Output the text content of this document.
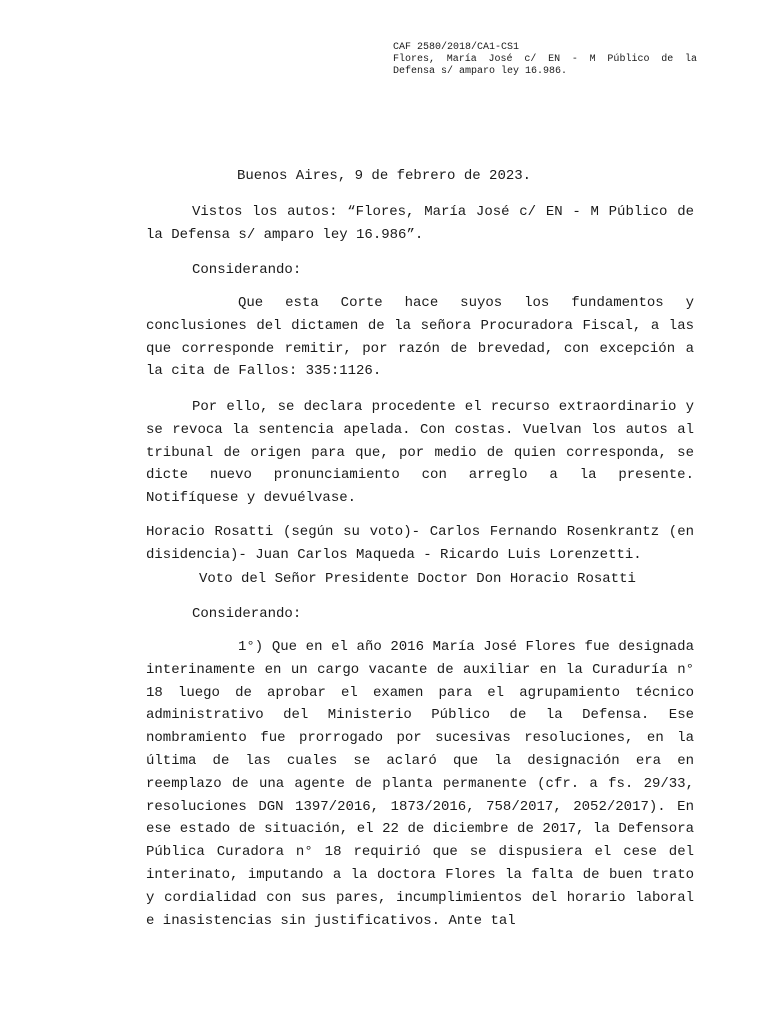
CAF 2580/2018/CA1-CS1
Flores, María José c/ EN - M Público de la
Defensa s/ amparo ley 16.986.
Buenos Aires, 9 de febrero de 2023.
Vistos los autos: “Flores, María José c/ EN - M Público de la Defensa s/ amparo ley 16.986”.
Considerando:
Que esta Corte hace suyos los fundamentos y conclusiones del dictamen de la señora Procuradora Fiscal, a las que corresponde remitir, por razón de brevedad, con excepción a la cita de Fallos: 335:1126.
Por ello, se declara procedente el recurso extraordinario y se revoca la sentencia apelada. Con costas. Vuelvan los autos al tribunal de origen para que, por medio de quien corresponda, se dicte nuevo pronunciamiento con arreglo a la presente. Notifíquese y devuélvase.
Horacio Rosatti (según su voto)- Carlos Fernando Rosenkrantz (en disidencia)- Juan Carlos Maqueda - Ricardo Luis Lorenzetti.
Voto del Señor Presidente Doctor Don Horacio Rosatti
Considerando:
1°) Que en el año 2016 María José Flores fue designada interinamente en un cargo vacante de auxiliar en la Curaduría n° 18 luego de aprobar el examen para el agrupamiento técnico administrativo del Ministerio Público de la Defensa. Ese nombramiento fue prorrogado por sucesivas resoluciones, en la última de las cuales se aclaró que la designación era en reemplazo de una agente de planta permanente (cfr. a fs. 29/33, resoluciones DGN 1397/2016, 1873/2016, 758/2017, 2052/2017). En ese estado de situación, el 22 de diciembre de 2017, la Defensora Pública Curadora n° 18 requirió que se dispusiera el cese del interinato, imputando a la doctora Flores la falta de buen trato y cordialidad con sus pares, incumplimientos del horario laboral e inasistencias sin justificativos. Ante tal
